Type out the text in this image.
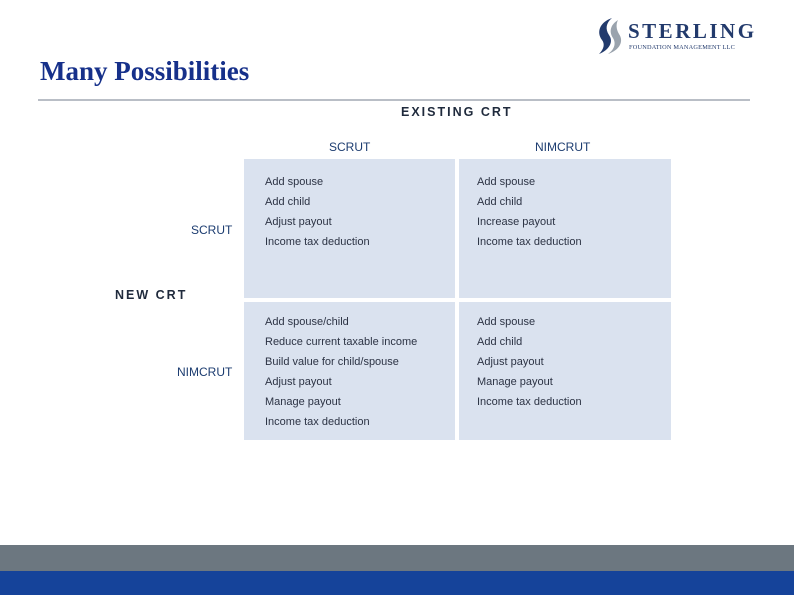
Many Possibilities
STERLING
FOUNDATION MANAGEMENT LLC
EXISTING CRT
NEW CRT
SCRUT	NIMCRUT
SCRUT
NIMCRUT
Add spouse
Add child
Adjust payout
Income tax deduction
Add spouse
Add child
Increase payout
Income tax deduction
Add spouse/child
Reduce current taxable income
Build value for child/spouse
Adjust payout
Manage payout
Income tax deduction
Add spouse
Add child
Adjust payout
Manage payout
Income tax deduction
